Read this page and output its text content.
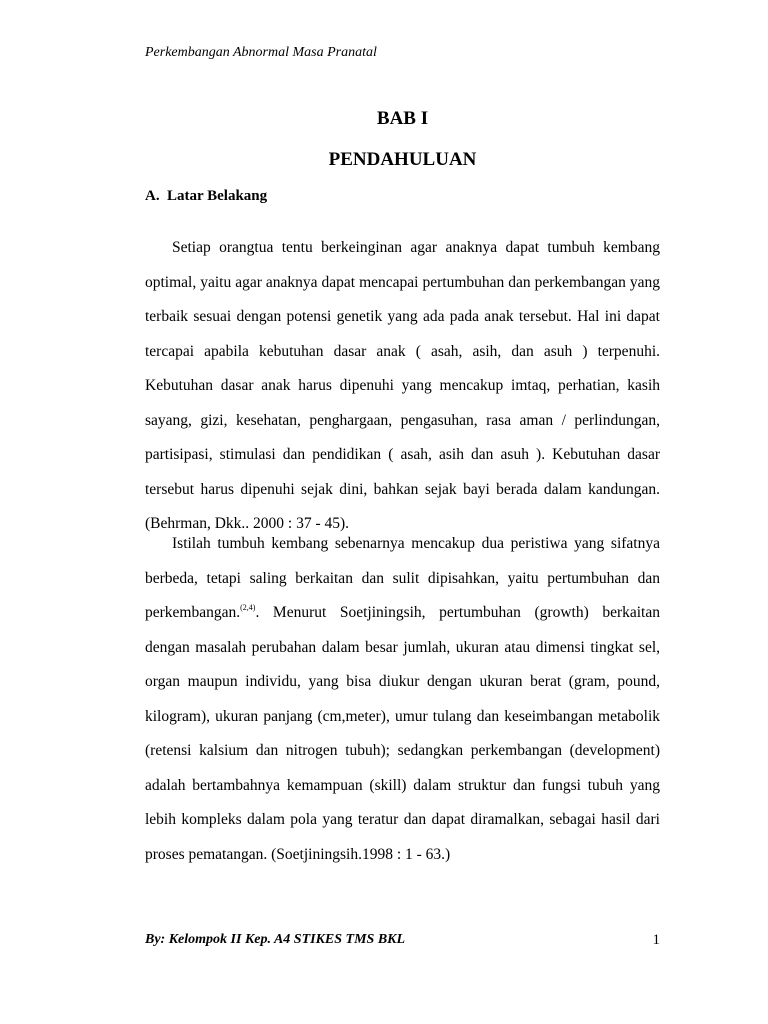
Perkembangan Abnormal Masa Pranatal
BAB I
PENDAHULUAN
A. Latar Belakang

Setiap orangtua tentu berkeinginan agar anaknya dapat tumbuh kembang optimal, yaitu agar anaknya dapat mencapai pertumbuhan dan perkembangan yang terbaik sesuai dengan potensi genetik yang ada pada anak tersebut. Hal ini dapat tercapai apabila kebutuhan dasar anak ( asah, asih, dan asuh ) terpenuhi. Kebutuhan dasar anak harus dipenuhi yang mencakup imtaq, perhatian, kasih sayang, gizi, kesehatan, penghargaan, pengasuhan, rasa aman / perlindungan, partisipasi, stimulasi dan pendidikan ( asah, asih dan asuh ). Kebutuhan dasar tersebut harus dipenuhi sejak dini, bahkan sejak bayi berada dalam kandungan. (Behrman, Dkk.. 2000 : 37 - 45).

Istilah tumbuh kembang sebenarnya mencakup dua peristiwa yang sifatnya berbeda, tetapi saling berkaitan dan sulit dipisahkan, yaitu pertumbuhan dan perkembangan.$^{(2,4)}$. Menurut Soetjiningsih, pertumbuhan (growth) berkaitan dengan masalah perubahan dalam besar jumlah, ukuran atau dimensi tingkat sel, organ maupun individu, yang bisa diukur dengan ukuran berat (gram, pound, kilogram), ukuran panjang (cm,meter), umur tulang dan keseimbangan metabolik (retensi kalsium dan nitrogen tubuh); sedangkan perkembangan (development) adalah bertambahnya kemampuan (skill) dalam struktur dan fungsi tubuh yang lebih kompleks dalam pola yang teratur dan dapat diramalkan, sebagai hasil dari proses pematangan. (Soetjiningsih.1998 : 1 - 63.)

By: Kelompok II Kep. A4 STIKES TMS BKL	1
